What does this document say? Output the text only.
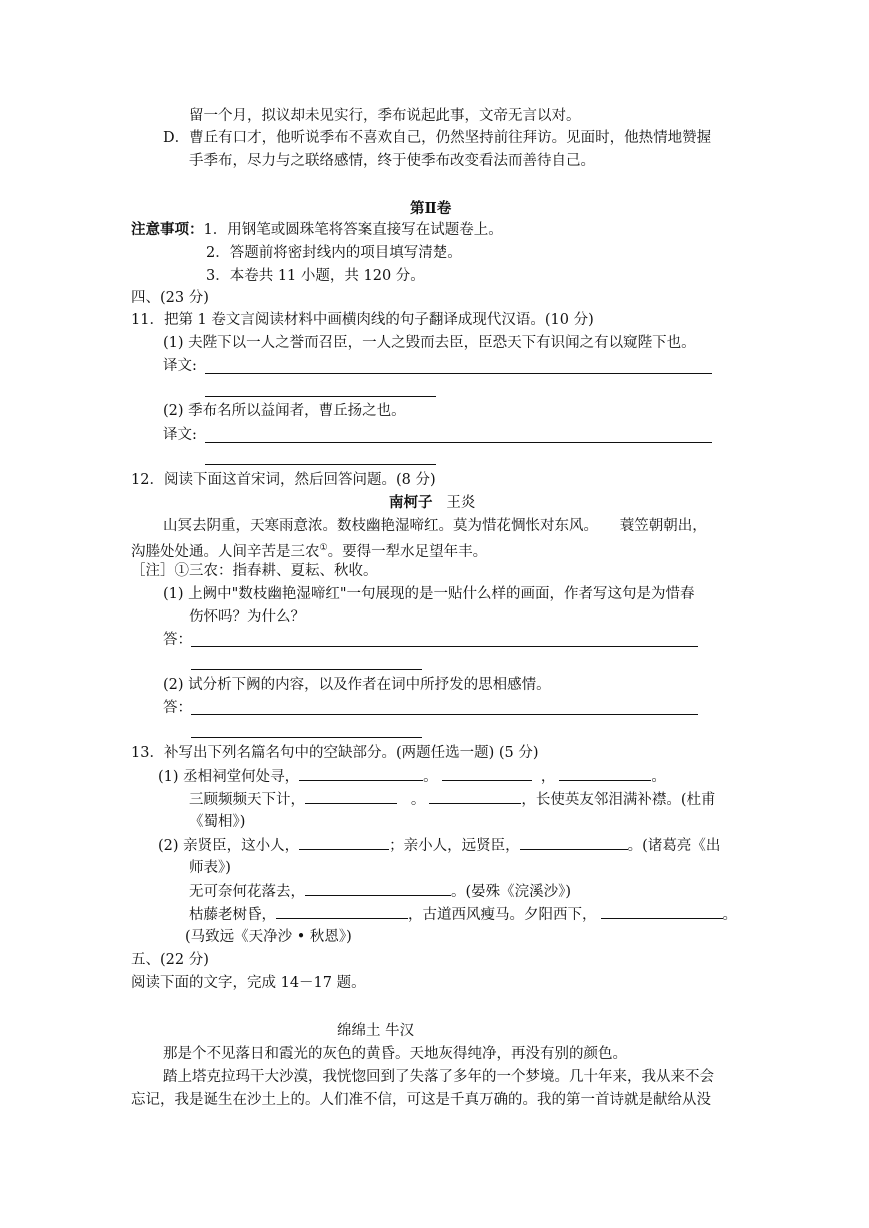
留一个月，拟议却未见实行，季布说起此事，文帝无言以对。
D．曹丘有口才，他听说季布不喜欢自己，仍然坚持前往拜访。见面时，他热情地赞握
手季布，尽力与之联络感情，终于使季布改变看法而善待自己。
第Ⅱ卷
注意事项：1．用钢笔或圆珠笔将答案直接写在试题卷上。
2．答题前将密封线内的项目填写清楚。
3．本卷共 11 小题，共 120 分。
四、(23 分)
11．把第 1 卷文言阅读材料中画横肉线的句子翻译成现代汉语。(10 分)
(1) 夫陛下以一人之誉而召臣，一人之毁而去臣，臣恐天下有识闻之有以窥陛下也。
译文:
(2) 季布名所以益闻者，曹丘扬之也。
译文:
12．阅读下面这首宋词，然后回答问题。(8 分)
南柯子 王炎
山冥去阴重，天寒雨意浓。数枝幽艳湿啼红。莫为惜花惆怅对东风。　　蓑笠朝朝出，
沟塍处处通。人间辛苦是三农①。要得一犁水足望年丰。
［注］①三农：指春耕、夏耘、秋收。
(1) 上阙中"数枝幽艳湿啼红"一句展现的是一贴什么样的画面，作者写这句是为惜春
伤怀吗？为什么？
答：
(2) 试分析下阙的内容，以及作者在词中所抒发的思相感情。
答：
13．补写出下列名篇名句中的空缺部分。(两题任选一题) (5 分)
(1) 丞相祠堂何处寻，	。	，	。
三顾频频天下计，	。	，长使英友邻泪满补襟。(杜甫
《蜀相》)
(2) 亲贤臣，这小人，	；亲小人，远贤臣，	。(诸葛亮《出
师表》)
无可奈何花落去，	。(晏殊《浣溪沙》)
枯藤老树昏，	，古道西风瘦马。夕阳西下，	。
(马致远《天净沙 • 秋恩》)
五、(22 分)
阅读下面的文字，完成 14－17 题。
绵绵土 牛汉
那是个不见落日和霞光的灰色的黄昏。天地灰得纯净，再没有别的颜色。
踏上塔克拉玛干大沙漠，我恍惚回到了失落了多年的一个梦境。几十年来，我从来不会
忘记，我是诞生在沙土上的。人们准不信，可这是千真万确的。我的第一首诗就是献给从没
